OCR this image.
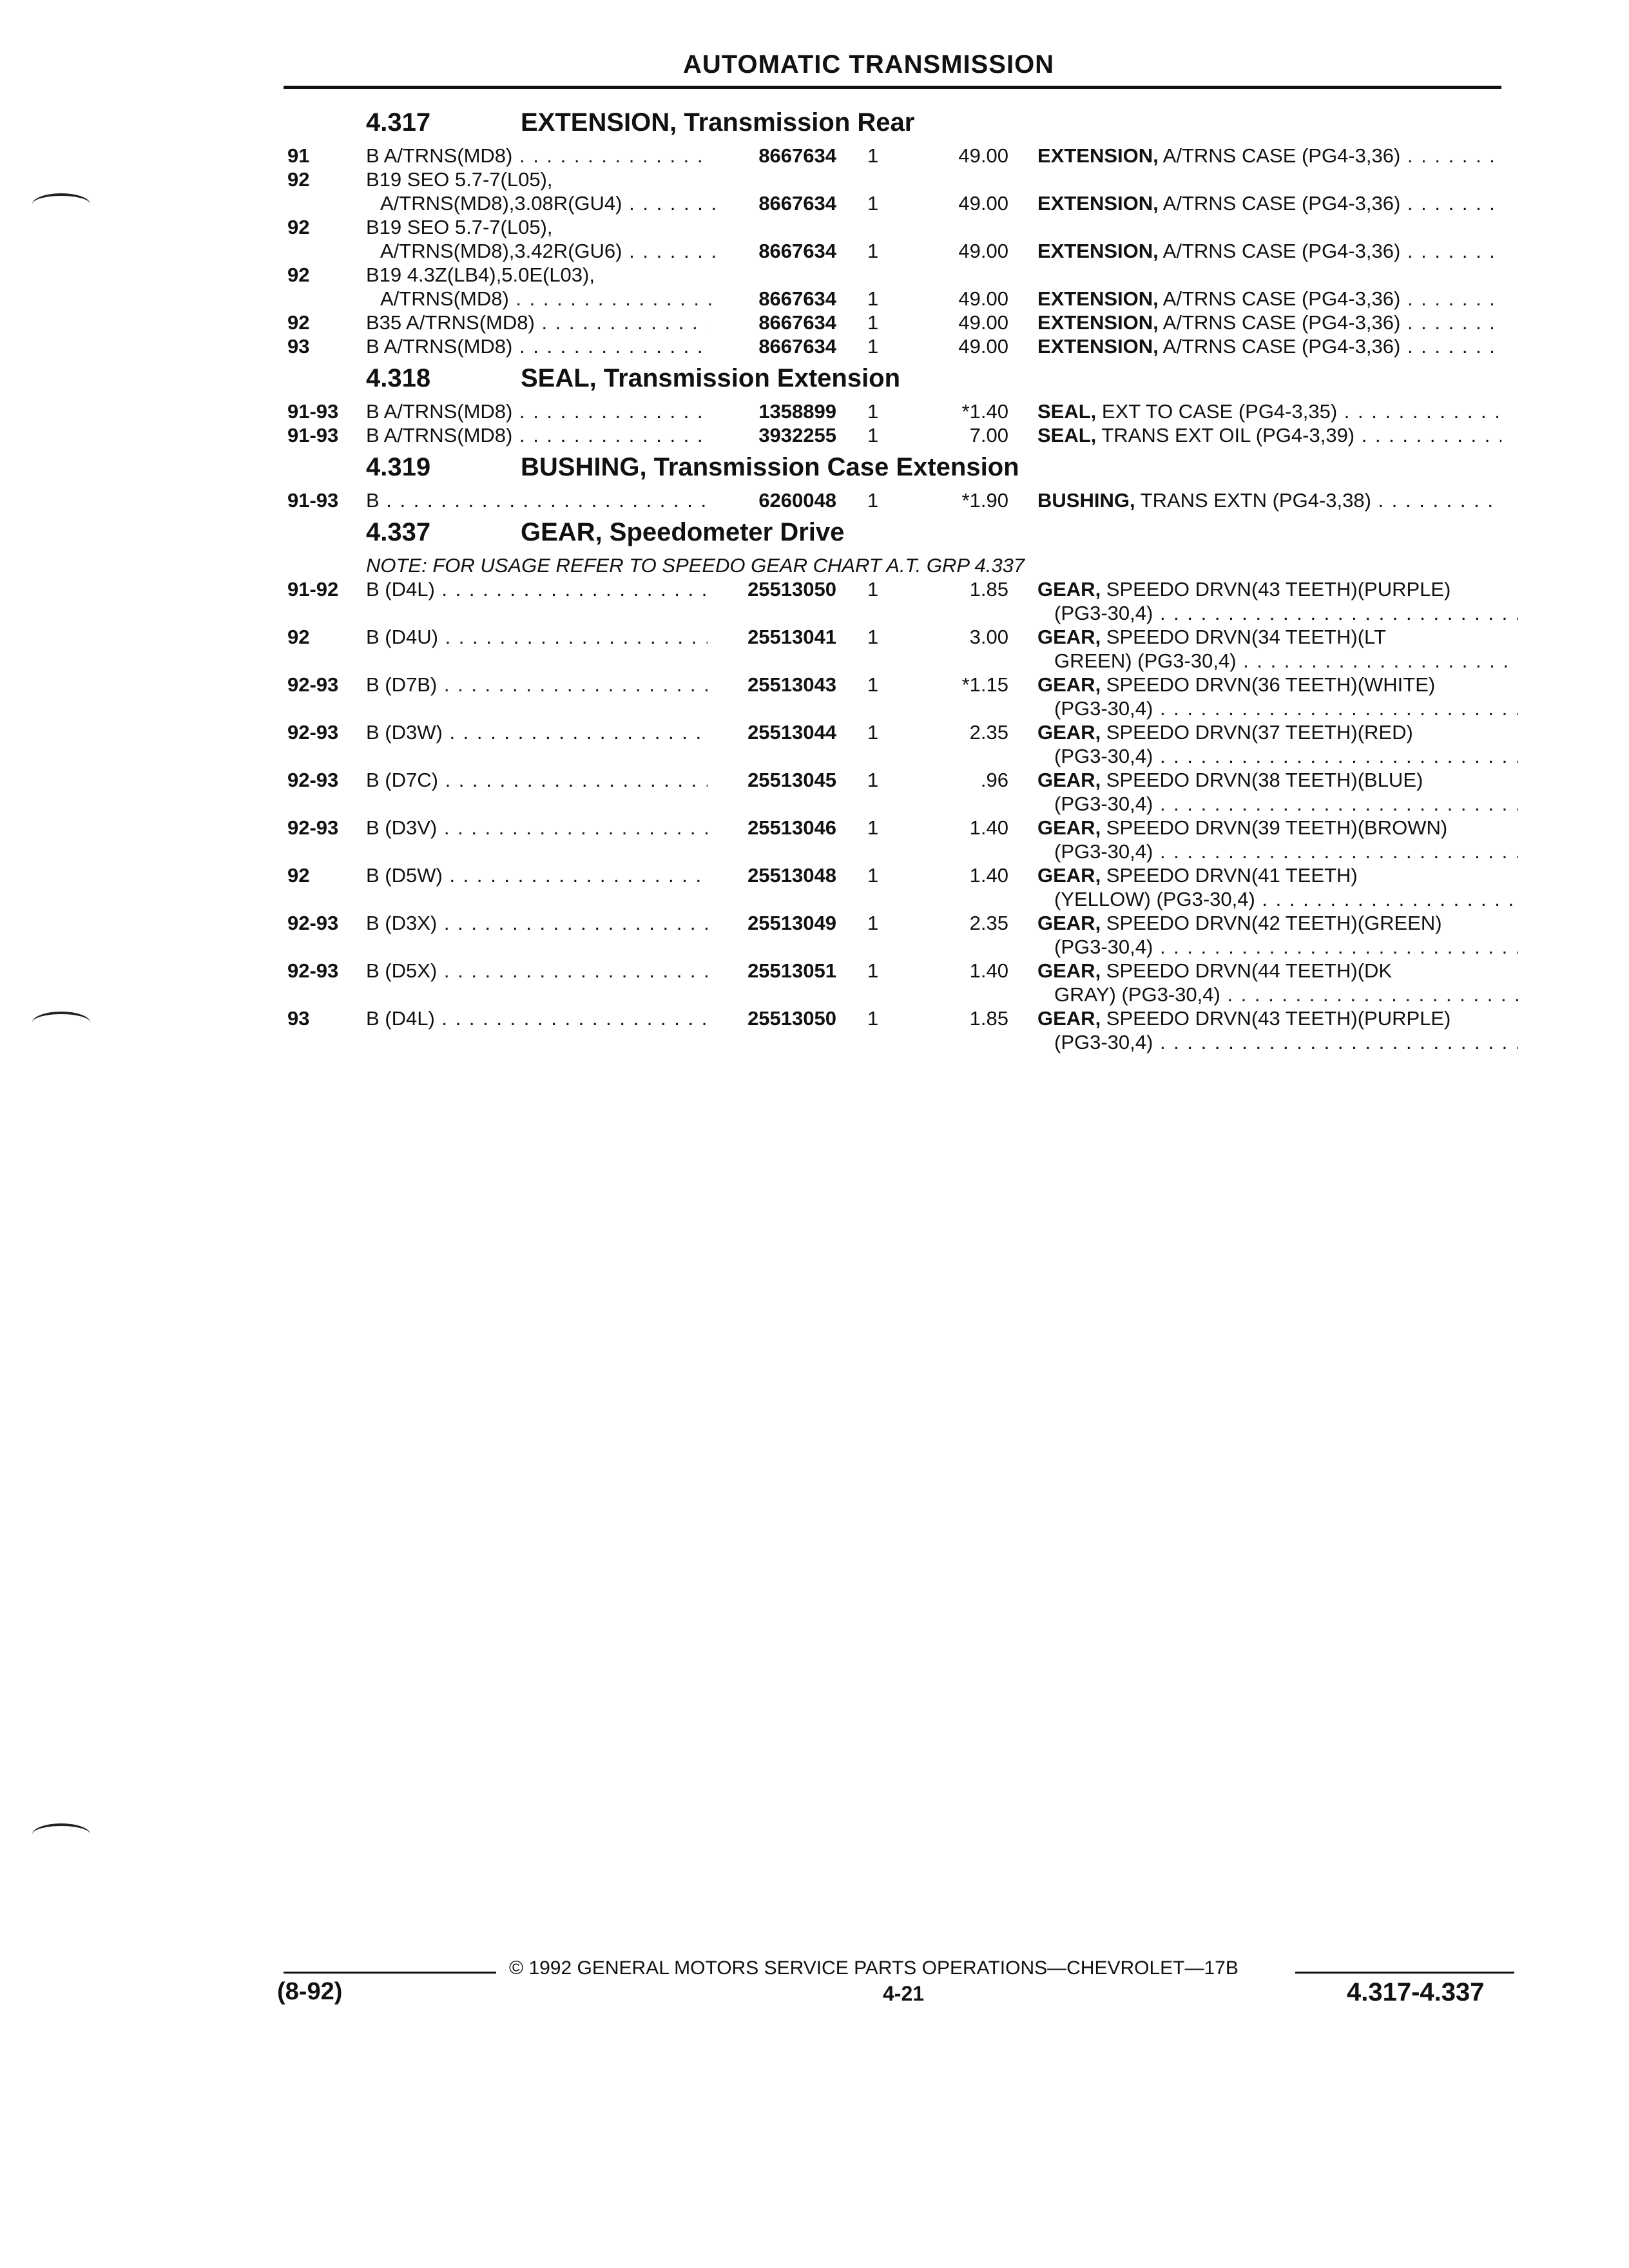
AUTOMATIC TRANSMISSION
4.317	EXTENSION, Transmission Rear
91	B A/TRNS(MD8) . . .	8667634 1	49.00 EXTENSION, A/TRNS CASE (PG4-3,36) . . .
92	B19 SEO 5.7-7(L05),
A/TRNS(MD8),3.08R(GU4) . . .	8667634 1	49.00 EXTENSION, A/TRNS CASE (PG4-3,36) . . .
92	B19 SEO 5.7-7(L05),
A/TRNS(MD8),3.42R(GU6) . . .	8667634 1	49.00 EXTENSION, A/TRNS CASE (PG4-3,36) . . .
92	B19 4.3Z(LB4),5.0E(L03),
A/TRNS(MD8) . . .	8667634 1	49.00 EXTENSION, A/TRNS CASE (PG4-3,36) . . .
92	B35 A/TRNS(MD8) . . .	8667634 1	49.00 EXTENSION, A/TRNS CASE (PG4-3,36) . . .
93	B A/TRNS(MD8) . . .	8667634 1	49.00 EXTENSION, A/TRNS CASE (PG4-3,36) . . .
4.318	SEAL, Transmission Extension
91-93 B A/TRNS(MD8) . . .	1358899 1	*1.40 SEAL, EXT TO CASE (PG4-3,35) . . .
91-93 B A/TRNS(MD8) . . .	3932255 1	7.00 SEAL, TRANS EXT OIL (PG4-3,39) . . .
4.319	BUSHING, Transmission Case Extension
91-93 B . . .	6260048 1	*1.90 BUSHING, TRANS EXTN (PG4-3,38) . . .
4.337	GEAR, Speedometer Drive
NOTE: FOR USAGE REFER TO SPEEDO GEAR CHART A.T. GRP 4.337
91-92 B (D4L) . . .	25513050 1	1.85 GEAR, SPEEDO DRVN(43 TEETH)(PURPLE)
(PG3-30,4) . . .
92	B (D4U) . . .	25513041 1	3.00 GEAR, SPEEDO DRVN(34 TEETH)(LT
GREEN) (PG3-30,4) . . .
92-93 B (D7B) . . .	25513043 1	*1.15 GEAR, SPEEDO DRVN(36 TEETH)(WHITE)
(PG3-30,4) . . .
92-93 B (D3W) . . .	25513044 1	2.35 GEAR, SPEEDO DRVN(37 TEETH)(RED)
(PG3-30,4) . . .
92-93 B (D7C) . . .	25513045 1	.96 GEAR, SPEEDO DRVN(38 TEETH)(BLUE)
(PG3-30,4) . . .
92-93 B (D3V) . . .	25513046 1	1.40 GEAR, SPEEDO DRVN(39 TEETH)(BROWN)
(PG3-30,4) . . .
92	B (D5W) . . .	25513048 1	1.40 GEAR, SPEEDO DRVN(41 TEETH)
(YELLOW) (PG3-30,4) . . .
92-93 B (D3X) . . .	25513049 1	2.35 GEAR, SPEEDO DRVN(42 TEETH)(GREEN)
(PG3-30,4) . . .
92-93 B (D5X) . . .	25513051 1	1.40 GEAR, SPEEDO DRVN(44 TEETH)(DK
GRAY) (PG3-30,4) . . .
93	B (D4L) . . .	25513050 1	1.85 GEAR, SPEEDO DRVN(43 TEETH)(PURPLE)
(PG3-30,4) . . .
© 1992 GENERAL MOTORS SERVICE PARTS OPERATIONS—CHEVROLET—17B
(8-92)	4-21	4.317-4.337
